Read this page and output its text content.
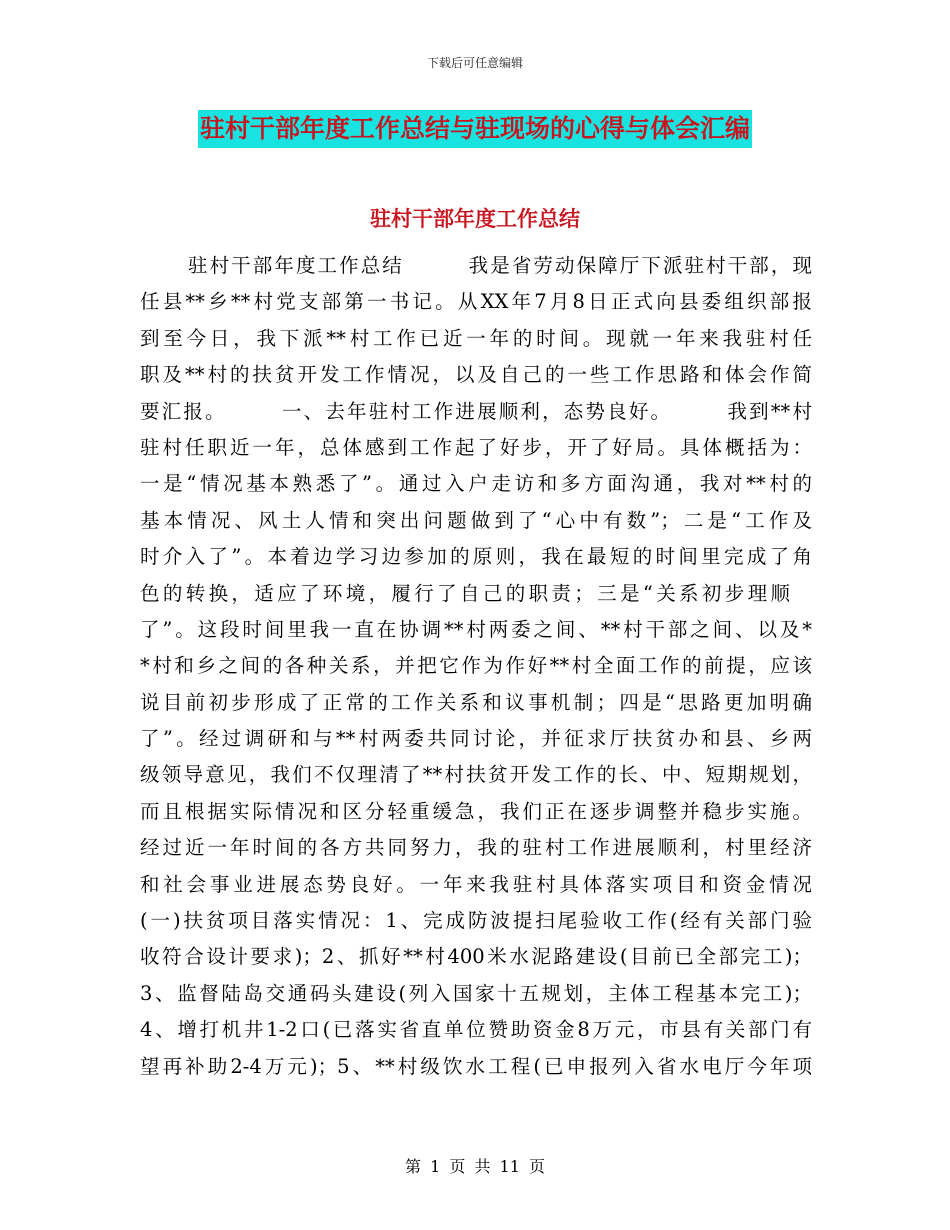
下载后可任意编辑
驻村干部年度工作总结与驻现场的心得与体会汇编
驻村干部年度工作总结
驻村干部年度工作总结　　　我是省劳动保障厅下派驻村干部，现
任县**乡**村党支部第一书记。从XX年7月8日正式向县委组织部报
到至今日，我下派**村工作已近一年的时间。现就一年来我驻村任
职及**村的扶贫开发工作情况，以及自己的一些工作思路和体会作简
要汇报。　　　一、去年驻村工作进展顺利，态势良好。　　　我到**村
驻村任职近一年，总体感到工作起了好步，开了好局。具体概括为：
一是“情况基本熟悉了”。通过入户走访和多方面沟通，我对**村的
基本情况、风土人情和突出问题做到了“心中有数”；二是“工作及
时介入了”。本着边学习边参加的原则，我在最短的时间里完成了角
色的转换，适应了环境，履行了自己的职责；三是“关系初步理顺
了”。这段时间里我一直在协调**村两委之间、**村干部之间、以及*
*村和乡之间的各种关系，并把它作为作好**村全面工作的前提，应该
说目前初步形成了正常的工作关系和议事机制；四是“思路更加明确
了”。经过调研和与**村两委共同讨论，并征求厅扶贫办和县、乡两
级领导意见，我们不仅理清了**村扶贫开发工作的长、中、短期规划，
而且根据实际情况和区分轻重缓急，我们正在逐步调整并稳步实施。
经过近一年时间的各方共同努力，我的驻村工作进展顺利，村里经济
和社会事业进展态势良好。一年来我驻村具体落实项目和资金情况
(一)扶贫项目落实情况：1、完成防波提扫尾验收工作(经有关部门验
收符合设计要求)；2、抓好**村400米水泥路建设(目前已全部完工)；
3、监督陆岛交通码头建设(列入国家十五规划，主体工程基本完工)；
4、增打机井1-2口(已落实省直单位赞助资金8万元，市县有关部门有
望再补助2-4万元)；5、**村级饮水工程(已申报列入省水电厅今年项
第 1 页 共 11 页
